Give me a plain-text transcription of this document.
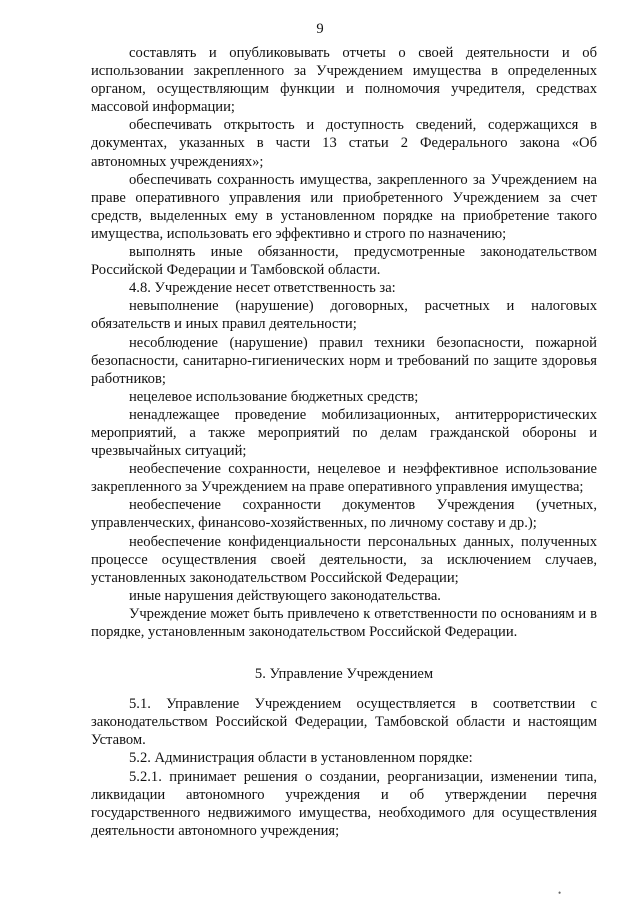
9

составлять и опубликовывать отчеты о своей деятельности и об использовании закрепленного за Учреждением имущества в определенных органом, осуществляющим функции и полномочия учредителя, средствах массовой информации;

обеспечивать открытость и доступность сведений, содержащихся в документах, указанных в части 13 статьи 2 Федерального закона «Об автономных учреждениях»;

обеспечивать сохранность имущества, закрепленного за Учреждением на праве оперативного управления или приобретенного Учреждением за счет средств, выделенных ему в установленном порядке на приобретение такого имущества, использовать его эффективно и строго по назначению;

выполнять иные обязанности, предусмотренные законодательством Российской Федерации и Тамбовской области.

4.8. Учреждение несет ответственность за:

невыполнение (нарушение) договорных, расчетных и налоговых обязательств и иных правил деятельности;

несоблюдение (нарушение) правил техники безопасности, пожарной безопасности, санитарно-гигиенических норм и требований по защите здоровья работников;

нецелевое использование бюджетных средств;

ненадлежащее проведение мобилизационных, антитеррористических мероприятий, а также мероприятий по делам гражданской обороны и чрезвычайных ситуаций;

необеспечение сохранности, нецелевое и неэффективное использование закрепленного за Учреждением на праве оперативного управления имущества;

необеспечение сохранности документов Учреждения (учетных, управленческих, финансово-хозяйственных, по личному составу и др.);

необеспечение конфиденциальности персональных данных, полученных процессе осуществления своей деятельности, за исключением случаев, установленных законодательством Российской Федерации;

иные нарушения действующего законодательства.

Учреждение может быть привлечено к ответственности по основаниям и в порядке, установленным законодательством Российской Федерации.

5. Управление Учреждением

5.1. Управление Учреждением осуществляется в соответствии с законодательством Российской Федерации, Тамбовской области и настоящим Уставом.

5.2. Администрация области в установленном порядке:

5.2.1. принимает решения о создании, реорганизации, изменении типа, ликвидации автономного учреждения и об утверждении перечня государственного недвижимого имущества, необходимого для осуществления деятельности автономного учреждения;

•
